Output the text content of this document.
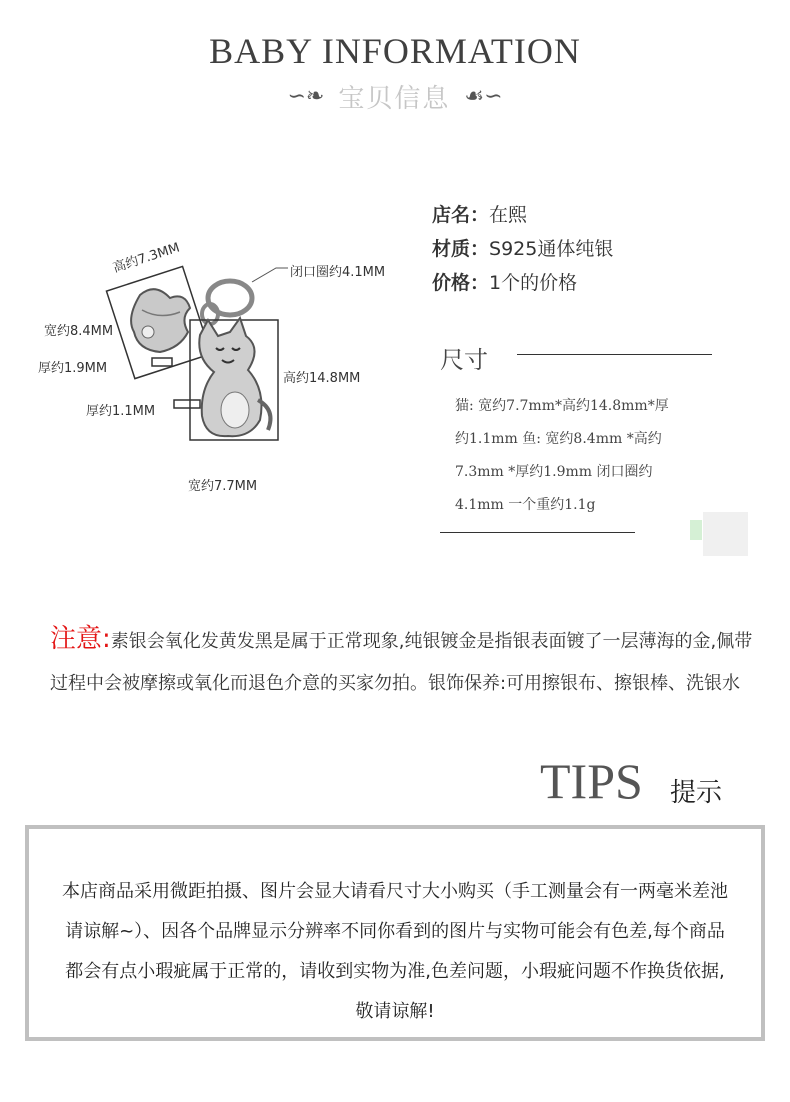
BABY INFORMATION
∽❧ 宝贝信息 ☙∽
高约7.3MM
宽约8.4MM
厚约1.9MM
闭口圈约4.1MM
高约14.8MM
厚约1.1MM
宽约7.7MM
店名：在熙
材质：S925通体纯银
价格：1个的价格
尺寸
猫: 宽约7.7mm*高约14.8mm*厚
约1.1mm 鱼: 宽约8.4mm *高约
7.3mm *厚约1.9mm 闭口圈约
4.1mm 一个重约1.1g
注意:素银会氧化发黄发黑是属于正常现象,纯银镀金是指银表面镀了一层薄海的金,佩带过程中会被摩擦或氧化而退色介意的买家勿拍。银饰保养:可用擦银布、擦银棒、洗银水
TIPS 提示
本店商品采用微距拍摄、图片会显大请看尺寸大小购买（手工测量会有一两毫米差池请谅解~）、因各个品牌显示分辨率不同你看到的图片与实物可能会有色差,每个商品都会有点小瑕疵属于正常的，请收到实物为准,色差问题，小瑕疵问题不作换货依据,敬请谅解!
